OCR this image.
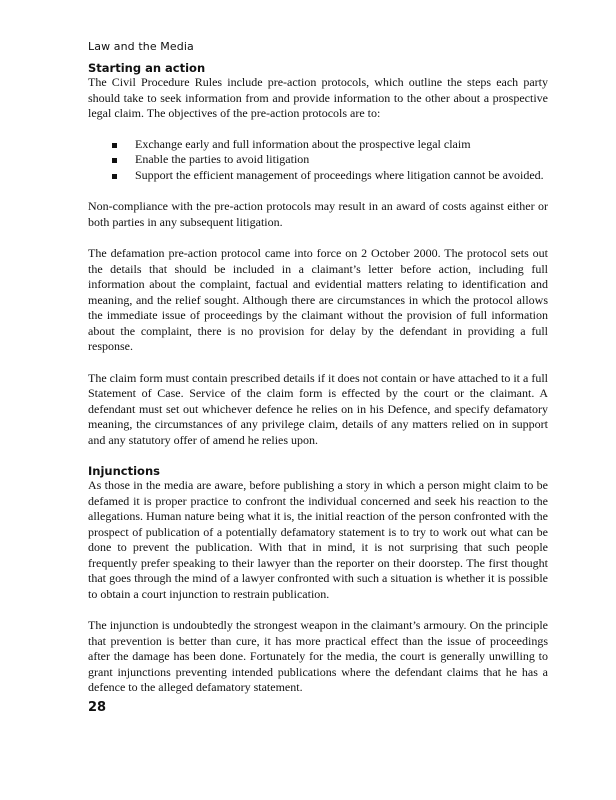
Law and the Media
Starting an action

The Civil Procedure Rules include pre-action protocols, which outline the steps each party should take to seek information from and provide information to the other about a prospective legal claim. The objectives of the pre-action protocols are to:

Exchange early and full information about the prospective legal claim
Enable the parties to avoid litigation
Support the efficient management of proceedings where litigation cannot be avoided.

Non-compliance with the pre-action protocols may result in an award of costs against either or both parties in any subsequent litigation.

The defamation pre-action protocol came into force on 2 October 2000. The protocol sets out the details that should be included in a claimant’s letter before action, including full information about the complaint, factual and evidential matters relating to identification and meaning, and the relief sought. Although there are circumstances in which the protocol allows the immediate issue of proceedings by the claimant without the provision of full information about the complaint, there is no provision for delay by the defendant in providing a full response.

The claim form must contain prescribed details if it does not contain or have attached to it a full Statement of Case. Service of the claim form is effected by the court or the claimant. A defendant must set out whichever defence he relies on in his Defence, and specify defamatory meaning, the circumstances of any privilege claim, details of any matters relied on in support and any statutory offer of amend he relies upon.

Injunctions

As those in the media are aware, before publishing a story in which a person might claim to be defamed it is proper practice to confront the individual concerned and seek his reaction to the allegations. Human nature being what it is, the initial reaction of the person confronted with the prospect of publication of a potentially defamatory statement is to try to work out what can be done to prevent the publication. With that in mind, it is not surprising that such people frequently prefer speaking to their lawyer than the reporter on their doorstep. The first thought that goes through the mind of a lawyer confronted with such a situation is whether it is possible to obtain a court injunction to restrain publication.

The injunction is undoubtedly the strongest weapon in the claimant’s armoury. On the principle that prevention is better than cure, it has more practical effect than the issue of proceedings after the damage has been done. Fortunately for the media, the court is generally unwilling to grant injunctions preventing intended publications where the defendant claims that he has a defence to the alleged defamatory statement.

28
